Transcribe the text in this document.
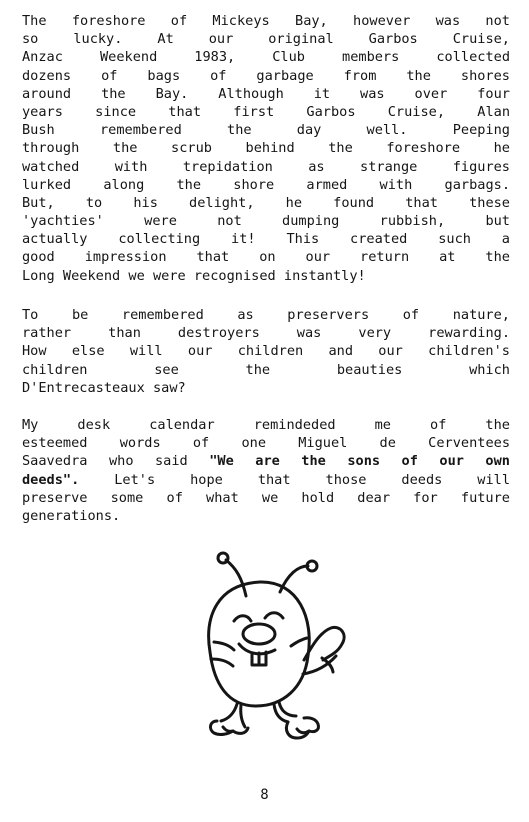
The foreshore of Mickeys Bay, however was not
so lucky. At our original Garbos Cruise,
Anzac Weekend 1983, Club members collected
dozens of bags of garbage from the shores
around the Bay. Although it was over four
years since that first Garbos Cruise, Alan
Bush remembered the day well. Peeping
through the scrub behind the foreshore he
watched with trepidation as strange figures
lurked along the shore armed with garbags.
But, to his delight, he found that these
'yachties' were not dumping rubbish, but
actually collecting it! This created such a
good impression that on our return at the
Long Weekend we were recognised instantly!
To be remembered as preservers of nature,
rather than destroyers was very rewarding.
How else will our children and our children's
children see the beauties which
D'Entrecasteaux saw?
My desk calendar remindeded me of the
esteemed words of one Miguel de Cerventees
Saavedra who said "We are the sons of our own
deeds". Let's hope that those deeds will
preserve some of what we hold dear for future
generations.
8
